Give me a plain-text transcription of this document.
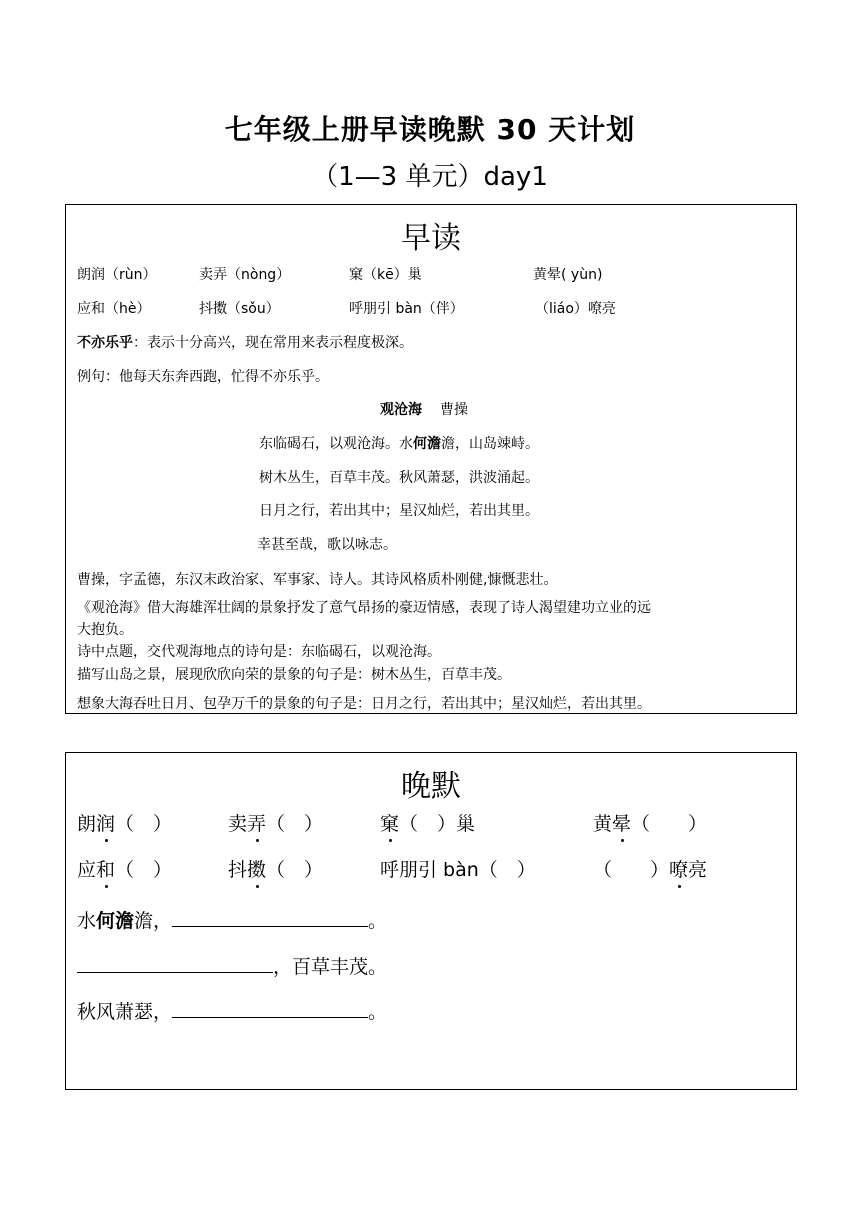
七年级上册早读晚默 30 天计划
（1—3 单元）day1
早读
朗润（rùn）	卖弄（nòng）	窠（kē）巢	黄晕( yùn)
应和（hè）	抖擞（sǒu）	呼朋引 bàn（伴）	（liáo）嘹亮
不亦乐乎：表示十分高兴，现在常用来表示程度极深。
例句：他每天东奔西跑，忙得不亦乐乎。
观沧海 曹操
东临碣石，以观沧海。水何澹澹，山岛竦峙。
树木丛生，百草丰茂。秋风萧瑟，洪波涌起。
日月之行，若出其中；星汉灿烂，若出其里。
幸甚至哉，歌以咏志。
曹操，字孟德，东汉末政治家、军事家、诗人。其诗风格质朴刚健,慷慨悲壮。
《观沧海》借大海雄浑壮阔的景象抒发了意气昂扬的豪迈情感，表现了诗人渴望建功立业的远
大抱负。
诗中点题，交代观海地点的诗句是：东临碣石，以观沧海。
描写山岛之景，展现欣欣向荣的景象的句子是：树木丛生，百草丰茂。
想象大海吞吐日月、包孕万千的景象的句子是：日月之行，若出其中；星汉灿烂，若出其里。
晚默
朗润（　）	卖弄（　）	窠（　）巢	黄晕（　　）
应和（　）	抖擞（　）	呼朋引 bàn（　）	（　　）嘹亮
水何澹澹，	。
，百草丰茂。
秋风萧瑟，	。
